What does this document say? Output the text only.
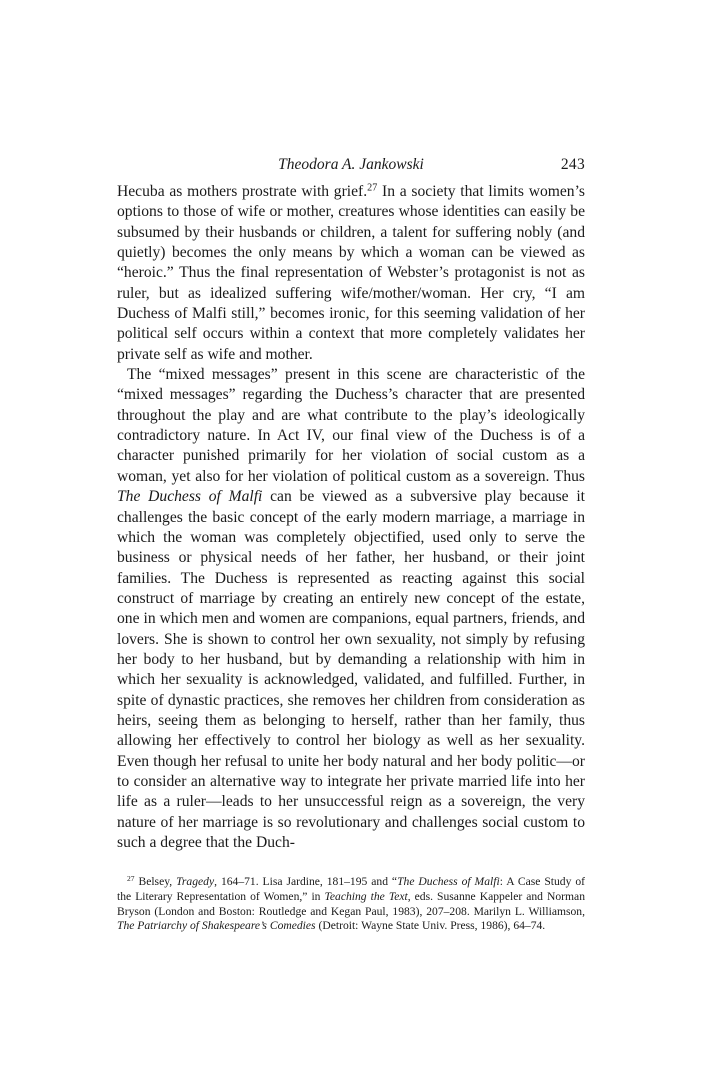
Theodora A. Jankowski	243

Hecuba as mothers prostrate with grief.$^{27}$ In a society that limits women’s options to those of wife or mother, creatures whose identities can easily be subsumed by their husbands or children, a talent for suffering nobly (and quietly) becomes the only means by which a woman can be viewed as “heroic.” Thus the final representation of Webster’s protagonist is not as ruler, but as idealized suffering wife/mother/woman. Her cry, “I am Duchess of Malfi still,” becomes ironic, for this seeming validation of her political self occurs within a context that more completely validates her private self as wife and mother.

The “mixed messages” present in this scene are characteristic of the “mixed messages” regarding the Duchess’s character that are presented throughout the play and are what contribute to the play’s ideologically contradictory nature. In Act IV, our final view of the Duchess is of a character punished primarily for her violation of social custom as a woman, yet also for her violation of political custom as a sovereign. Thus The Duchess of Malfi can be viewed as a subversive play because it challenges the basic concept of the early modern marriage, a marriage in which the woman was completely objectified, used only to serve the business or physical needs of her father, her husband, or their joint families. The Duchess is represented as reacting against this social construct of marriage by creating an entirely new concept of the estate, one in which men and women are companions, equal partners, friends, and lovers. She is shown to control her own sexuality, not simply by refusing her body to her husband, but by demanding a relationship with him in which her sexuality is acknowledged, validated, and fulfilled. Further, in spite of dynastic practices, she removes her children from consideration as heirs, seeing them as belonging to herself, rather than her family, thus allowing her effectively to control her biology as well as her sexuality. Even though her refusal to unite her body natural and her body politic—or to consider an alternative way to integrate her private married life into her life as a ruler—leads to her unsuccessful reign as a sovereign, the very nature of her marriage is so revolutionary and challenges social custom to such a degree that the Duch-

$^{27}$ Belsey, Tragedy, 164–71. Lisa Jardine, 181–195 and “The Duchess of Malfi: A Case Study of the Literary Representation of Women,” in Teaching the Text, eds. Susanne Kappeler and Norman Bryson (London and Boston: Routledge and Kegan Paul, 1983), 207–208. Marilyn L. Williamson, The Patriarchy of Shakespeare’s Comedies (Detroit: Wayne State Univ. Press, 1986), 64–74.
